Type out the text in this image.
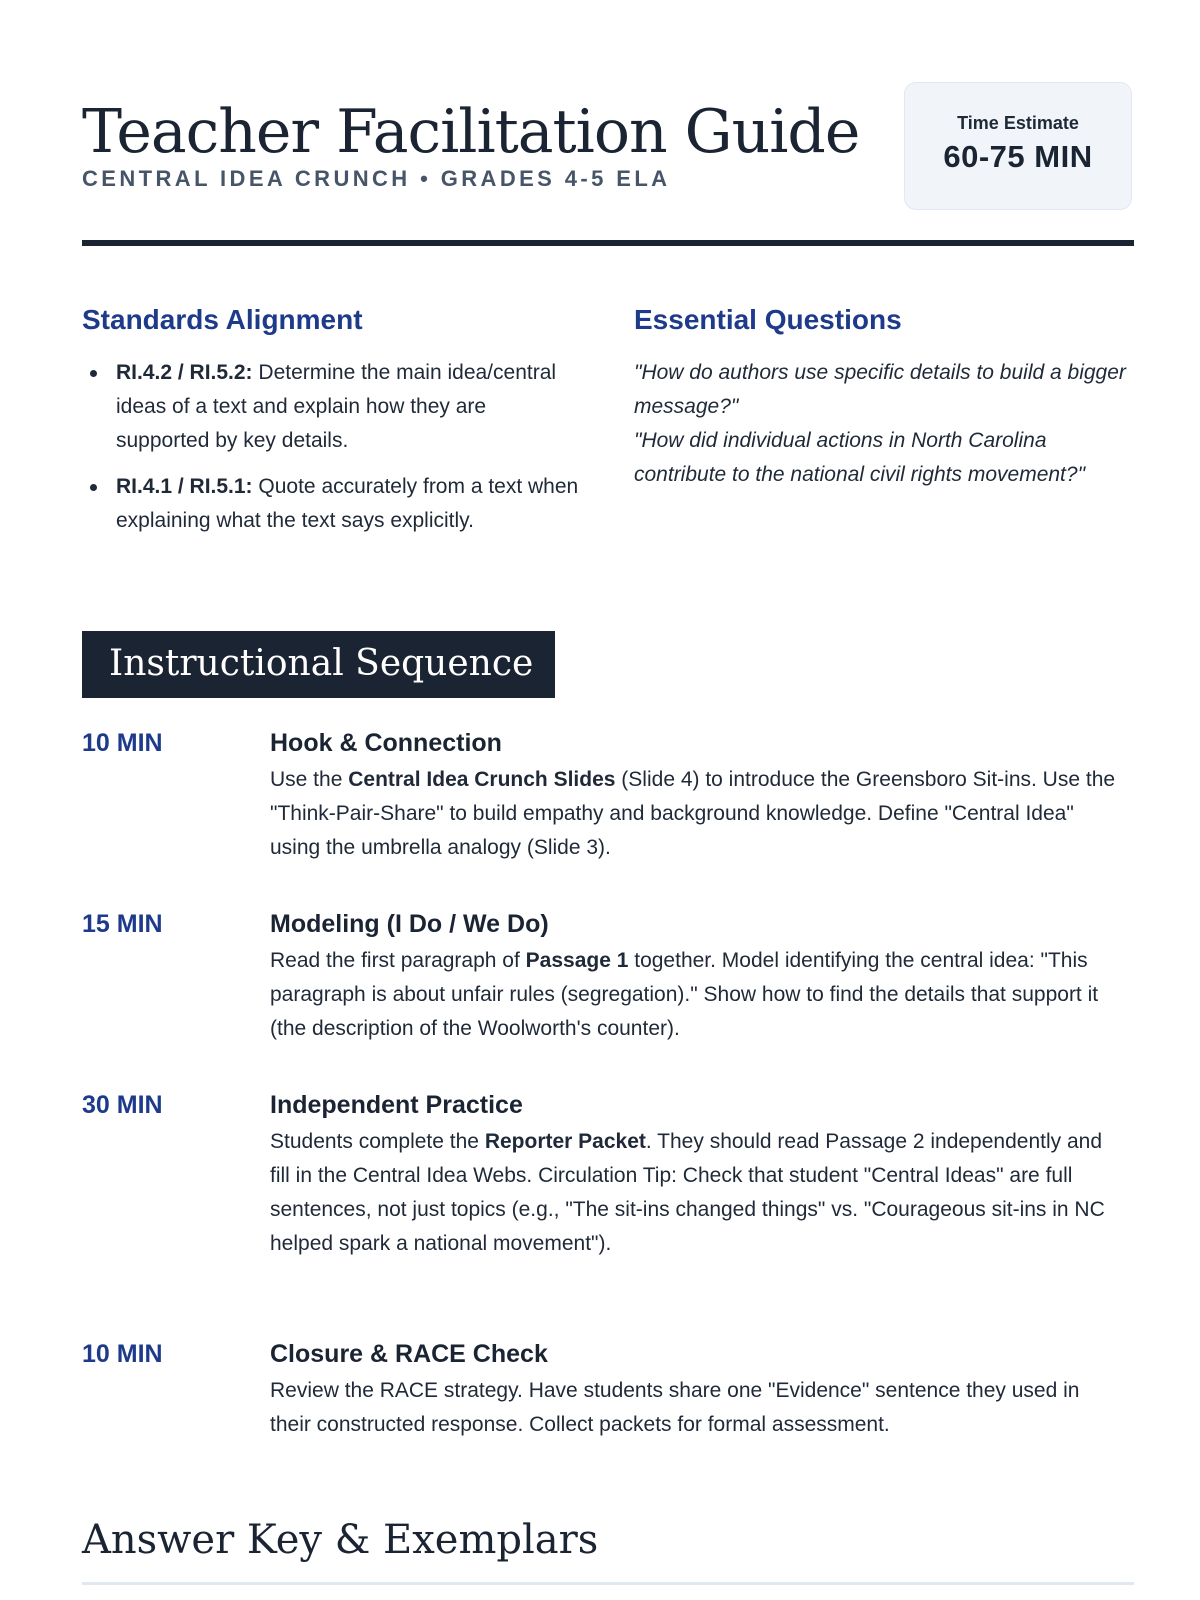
Teacher Facilitation Guide
CENTRAL IDEA CRUNCH • GRADES 4-5 ELA
Time Estimate
60-75 MIN
Standards Alignment
RI.4.2 / RI.5.2: Determine the main idea/central ideas of a text and explain how they are supported by key details.
RI.4.1 / RI.5.1: Quote accurately from a text when explaining what the text says explicitly.
Essential Questions

"How do authors use specific details to build a bigger message?"
"How did individual actions in North Carolina contribute to the national civil rights movement?"

Instructional Sequence
10 MIN	Hook & Connection

Use the Central Idea Crunch Slides (Slide 4) to introduce the Greensboro Sit-ins. Use the "Think-Pair-Share" to build empathy and background knowledge. Define "Central Idea" using the umbrella analogy (Slide 3).

15 MIN	Modeling (I Do / We Do)

Read the first paragraph of Passage 1 together. Model identifying the central idea: "This paragraph is about unfair rules (segregation)." Show how to find the details that support it (the description of the Woolworth's counter).

30 MIN	Independent Practice

Students complete the Reporter Packet. They should read Passage 2 independently and fill in the Central Idea Webs. Circulation Tip: Check that student "Central Ideas" are full sentences, not just topics (e.g., "The sit-ins changed things" vs. "Courageous sit-ins in NC helped spark a national movement").

10 MIN	Closure & RACE Check

Review the RACE strategy. Have students share one "Evidence" sentence they used in their constructed response. Collect packets for formal assessment.

Answer Key & Exemplars
